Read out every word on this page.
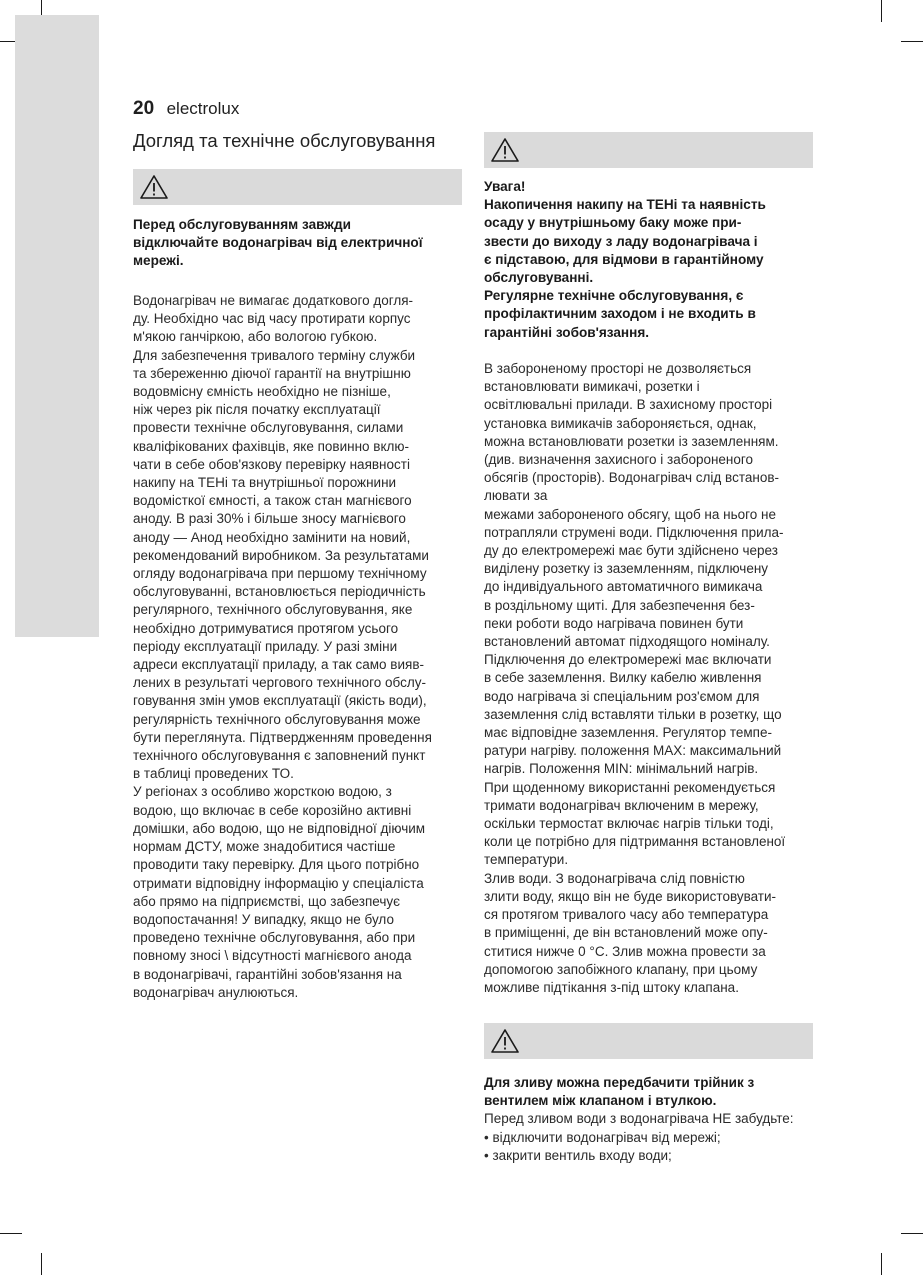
20 electrolux
Догляд та технічне обслуговування
Перед обслуговуванням завжди
відключайте водонагрівач від електричної
мережі.
Водонагрівач не вимагає додаткового догля-
ду. Необхідно час від часу протирати корпус
м'якою ганчіркою, або вологою губкою.
Для забезпечення тривалого терміну служби
та збереженню діючої гарантії на внутрішню
водовмісну ємність необхідно не пізніше,
ніж через рік після початку експлуатації
провести технічне обслуговування, силами
кваліфікованих фахівців, яке повинно вклю-
чати в себе обов'язкову перевірку наявності
накипу на ТЕНі та внутрішньої порожнини
водомісткої ємності, а також стан магнієвого
аноду. В разі 30% і більше зносу магнієвого
аноду — Анод необхідно замінити на новий,
рекомендований виробником. За результатами
огляду водонагрівача при першому технічному
обслуговуванні, встановлюється періодичність
регулярного, технічного обслуговування, яке
необхідно дотримуватися протягом усього
періоду експлуатації приладу. У разі зміни
адреси експлуатації приладу, а так само вияв-
лених в результаті чергового технічного обслу-
говування змін умов експлуатації (якість води),
регулярність технічного обслуговування може
бути переглянута. Підтвердженням проведення
технічного обслуговування є заповнений пункт
в таблиці проведених ТО.
У регіонах з особливо жорсткою водою, з
водою, що включає в себе корозійно активні
домішки, або водою, що не відповідної діючим
нормам ДСТУ, може знадобитися частіше
проводити таку перевірку. Для цього потрібно
отримати відповідну інформацію у спеціаліста
або прямо на підприємстві, що забезпечує
водопостачання! У випадку, якщо не було
проведено технічне обслуговування, або при
повному зносі \ відсутності магнієвого анода
в водонагрівачі, гарантійні зобов'язання на
водонагрівач анулюються.
Увага!
Накопичення накипу на ТЕНі та наявність
осаду у внутрішньому баку може при-
звести до виходу з ладу водонагрівача і
є підставою, для відмови в гарантійному
обслуговуванні.
Регулярне технічне обслуговування, є
профілактичним заходом і не входить в
гарантійні зобов'язання.
В забороненому просторі не дозволяється
встановлювати вимикачі, розетки і
освітлювальні прилади. В захисному просторі
установка вимикачів забороняється, однак,
можна встановлювати розетки із заземленням.
(див. визначення захисного і забороненого
обсягів (просторів). Водонагрівач слід встанов-
лювати за
межами забороненого обсягу, щоб на нього не
потрапляли струмені води. Підключення прила-
ду до електромережі має бути здійснено через
виділену розетку із заземленням, підключену
до індивідуального автоматичного вимикача
в роздільному щиті. Для забезпечення без-
пеки роботи водо нагрівача повинен бути
встановлений автомат підходящого номіналу.
Підключення до електромережі має включати
в себе заземлення. Вилку кабелю живлення
водо нагрівача зі спеціальним роз'ємом для
заземлення слід вставляти тільки в розетку, що
має відповідне заземлення. Регулятор темпе-
ратури нагріву. положення MAX: максимальний
нагрів. Положення MIN: мінімальний нагрів.
При щоденному використанні рекомендується
тримати водонагрівач включеним в мережу,
оскільки термостат включає нагрів тільки тоді,
коли це потрібно для підтримання встановленої
температури.
Злив води. З водонагрівача слід повністю
злити воду, якщо він не буде використовувати-
ся протягом тривалого часу або температура
в приміщенні, де він встановлений може опу-
ститися нижче 0 °С. Злив можна провести за
допомогою запобіжного клапану, при цьому
можливе підтікання з-під штоку клапана.
Для зливу можна передбачити трійник з
вентилем між клапаном і втулкою.
Перед зливом води з водонагрівача НЕ забудьте:
• відключити водонагрівач від мережі;
• закрити вентиль входу води;
